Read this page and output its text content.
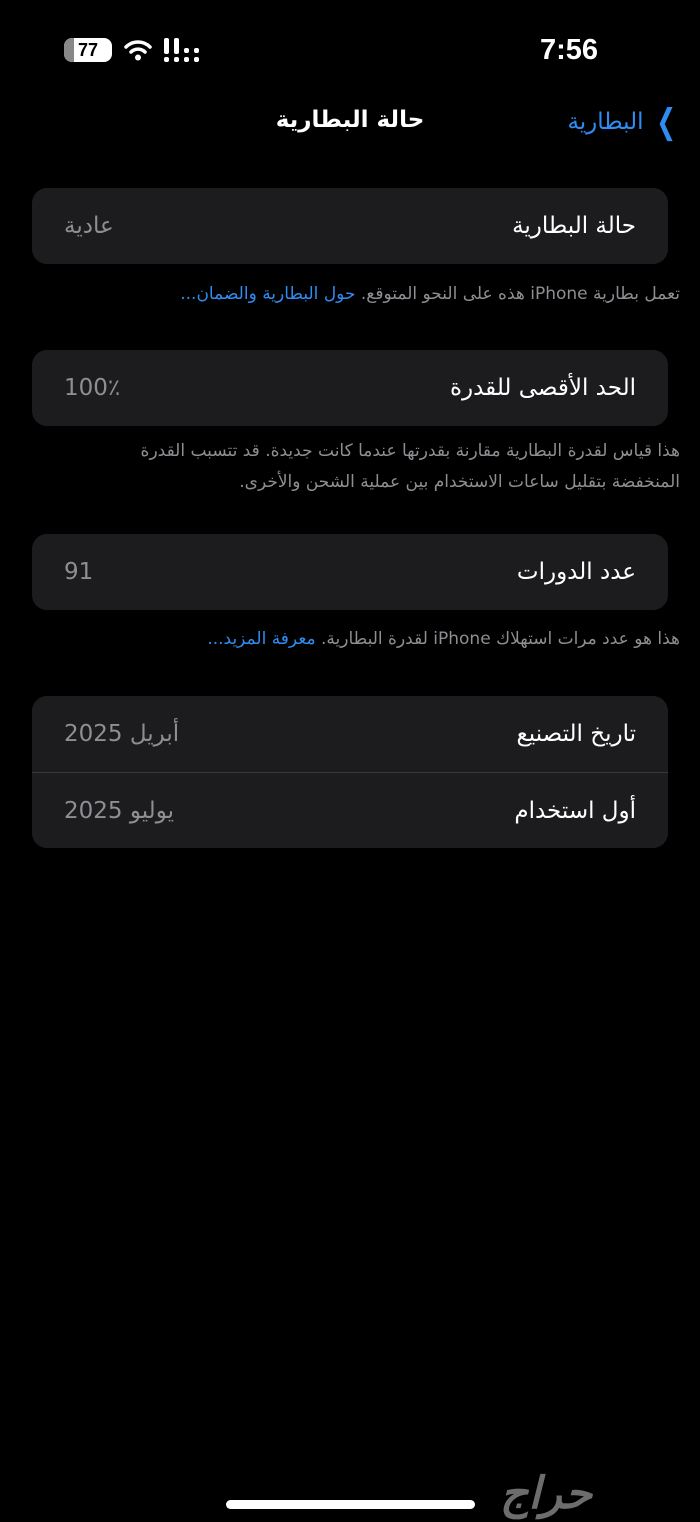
77	7:56
حالة البطارية	❯
البطارية
حالة البطارية
عادية
تعمل بطارية iPhone هذه على النحو المتوقع. حول البطارية والضمان...
الحد الأقصى للقدرة
100٪
هذا قياس لقدرة البطارية مقارنة بقدرتها عندما كانت جديدة. قد تتسبب القدرة المنخفضة بتقليل ساعات الاستخدام بين عملية الشحن والأخرى.
عدد الدورات
91
هذا هو عدد مرات استهلاك iPhone لقدرة البطارية. معرفة المزيد...
تاريخ التصنيع
أبريل 2025
أول استخدام
يوليو 2025
حراج
